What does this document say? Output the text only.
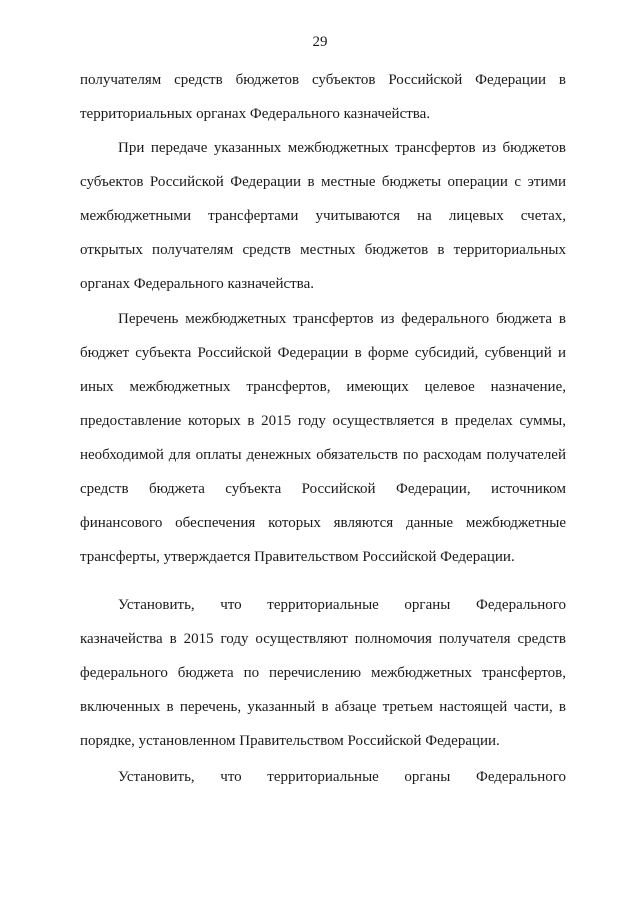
29

получателям средств бюджетов субъектов Российской Федерации в
территориальных органах Федерального казначейства.

При передаче указанных межбюджетных трансфертов из бюджетов
субъектов Российской Федерации в местные бюджеты операции с этими
межбюджетными трансфертами учитываются на лицевых счетах,
открытых получателям средств местных бюджетов в территориальных
органах Федерального казначейства.

Перечень межбюджетных трансфертов из федерального бюджета в
бюджет субъекта Российской Федерации в форме субсидий, субвенций и
иных межбюджетных трансфертов, имеющих целевое назначение,
предоставление которых в 2015 году осуществляется в пределах суммы,
необходимой для оплаты денежных обязательств по расходам получателей
средств бюджета субъекта Российской Федерации, источником
финансового обеспечения которых являются данные межбюджетные
трансферты, утверждается Правительством Российской Федерации.

Установить, что территориальные органы Федерального
казначейства в 2015 году осуществляют полномочия получателя средств
федерального бюджета по перечислению межбюджетных трансфертов,
включенных в перечень, указанный в абзаце третьем настоящей части, в
порядке, установленном Правительством Российской Федерации.

Установить, что территориальные органы Федерального
